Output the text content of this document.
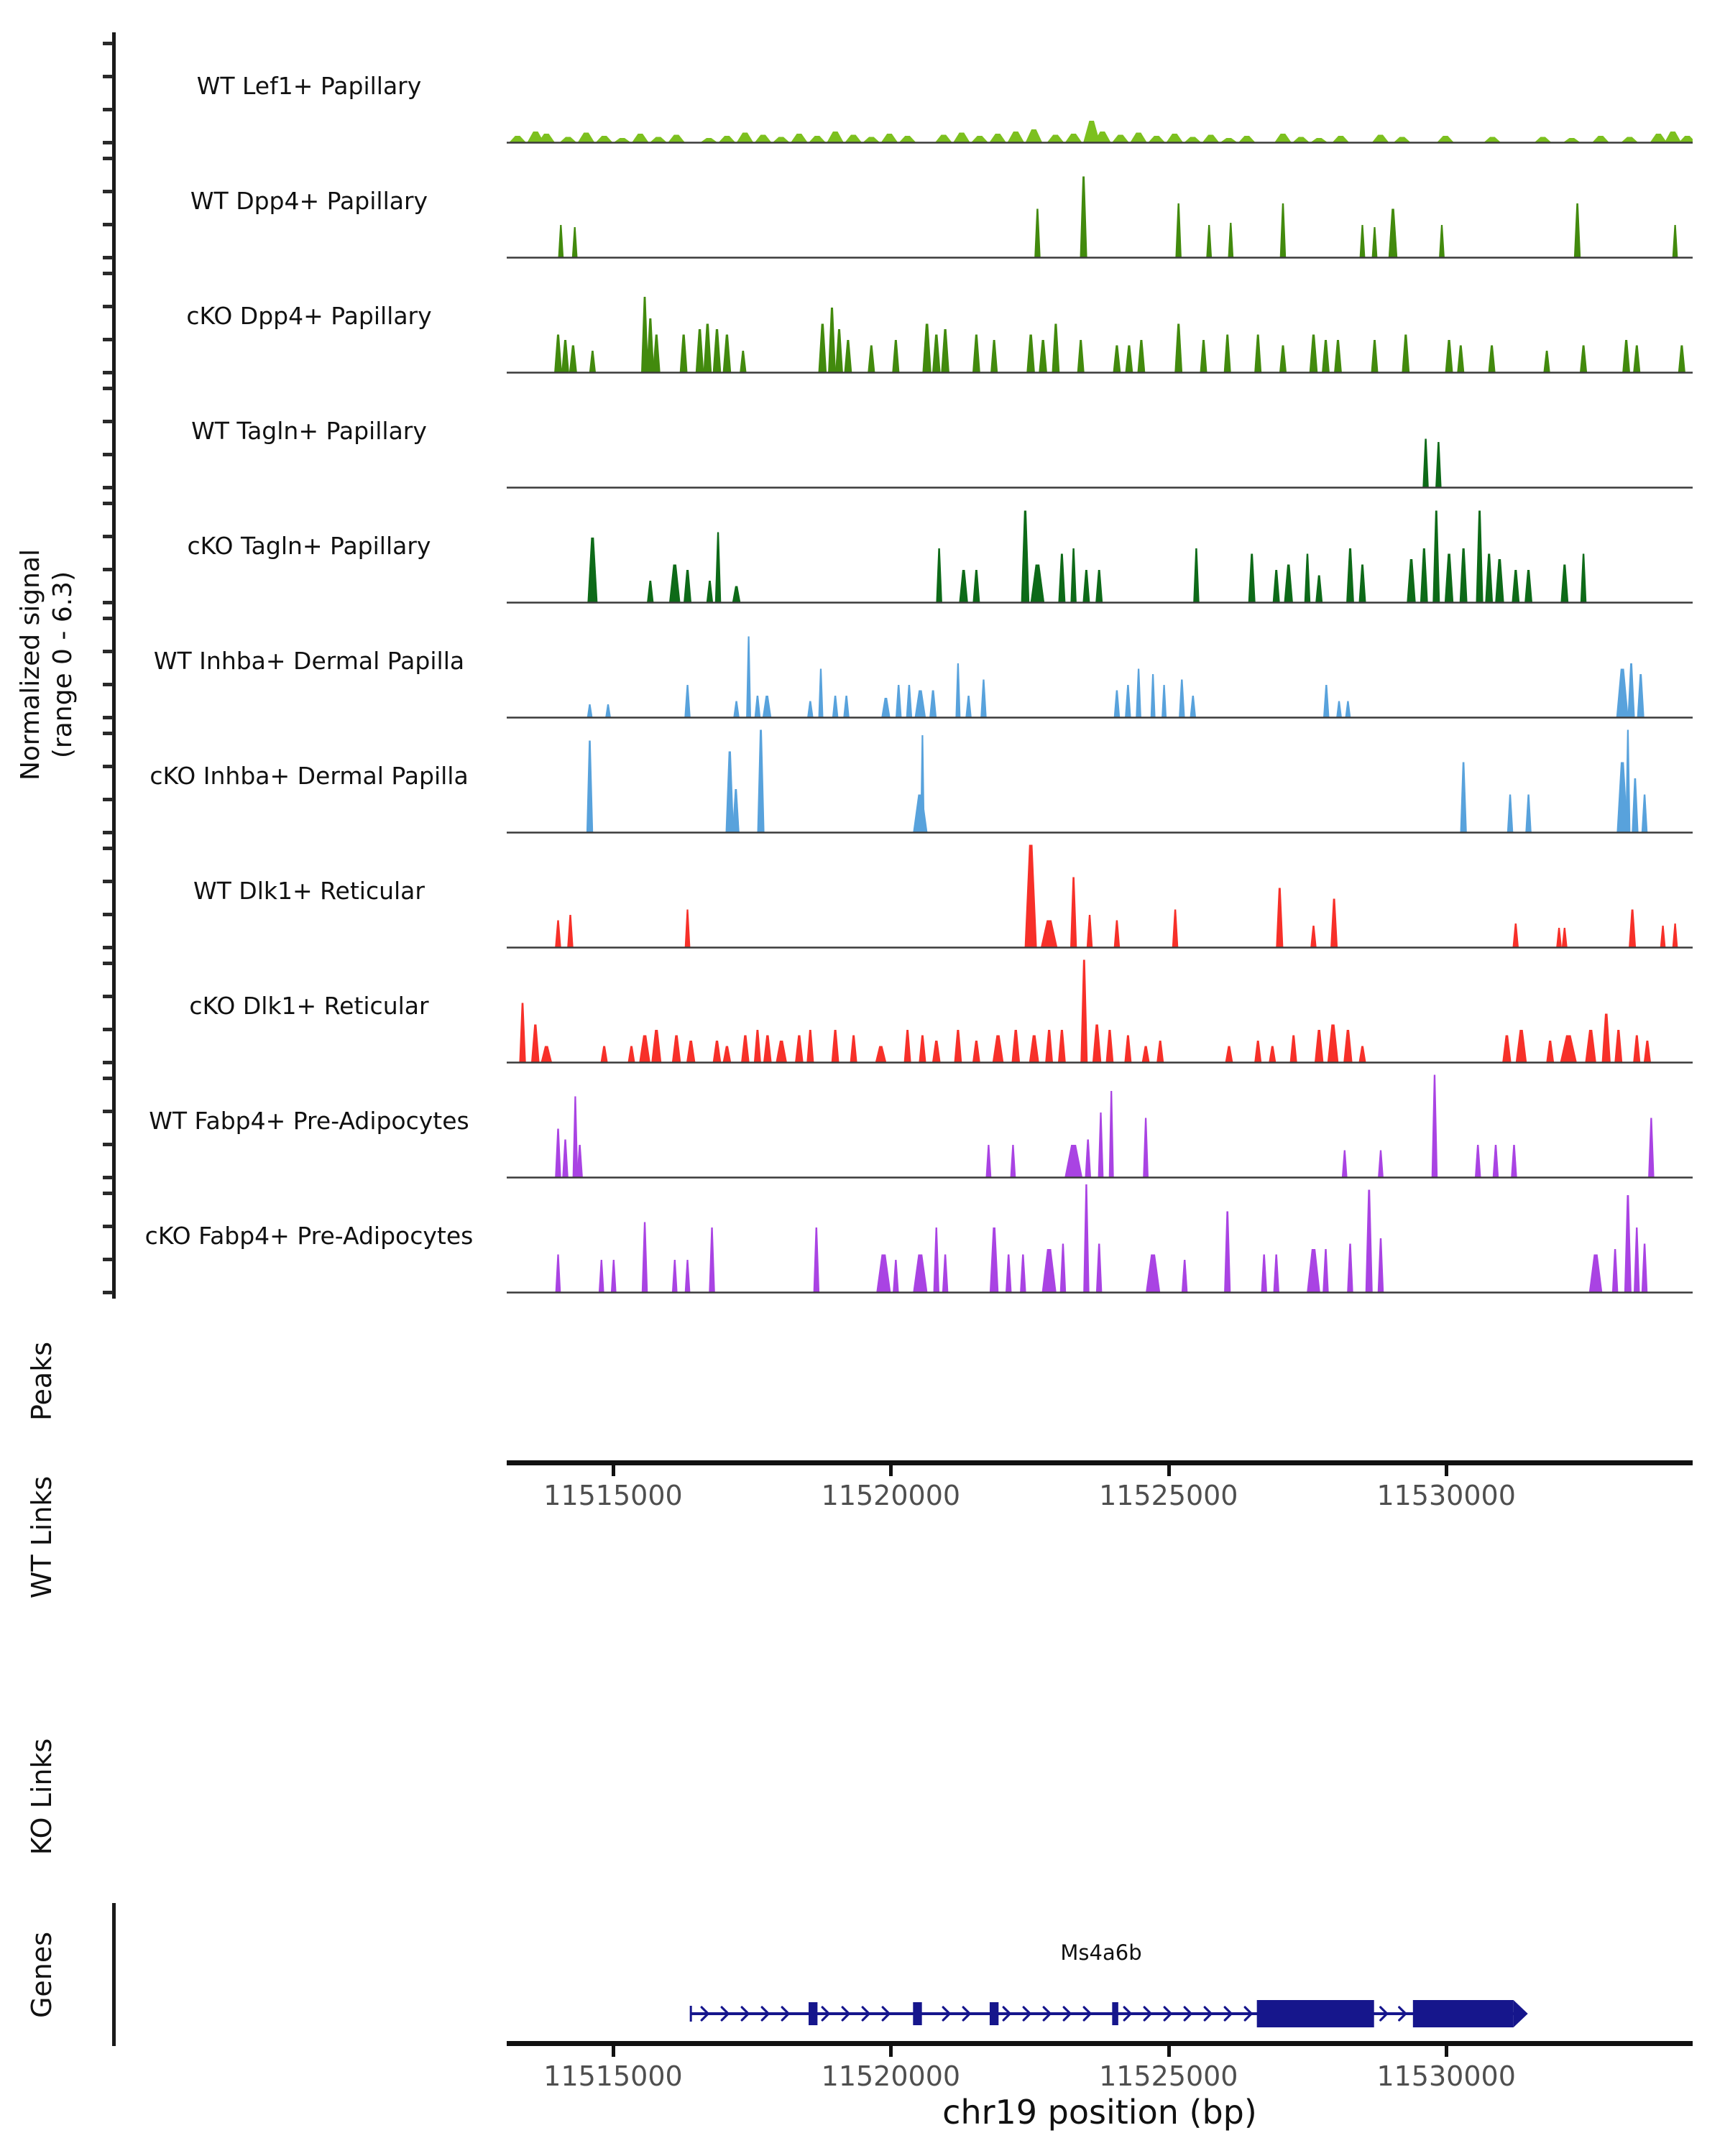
Normalized signal (range 0 - 6.3)
WT Lef1+ Papillary
WT Dpp4+ Papillary
cKO Dpp4+ Papillary
WT Tagln+ Papillary
cKO Tagln+ Papillary
WT Inhba+ Dermal Papilla
cKO Inhba+ Dermal Papilla
WT Dlk1+ Reticular
cKO Dlk1+ Reticular
WT Fabp4+ Pre-Adipocytes
cKO Fabp4+ Pre-Adipocytes
Peaks
WT Links
KO Links
Genes
11515000	11520000	11525000	11530000
11515000	11520000	11525000	11530000
Ms4a6b
chr19 position (bp)
